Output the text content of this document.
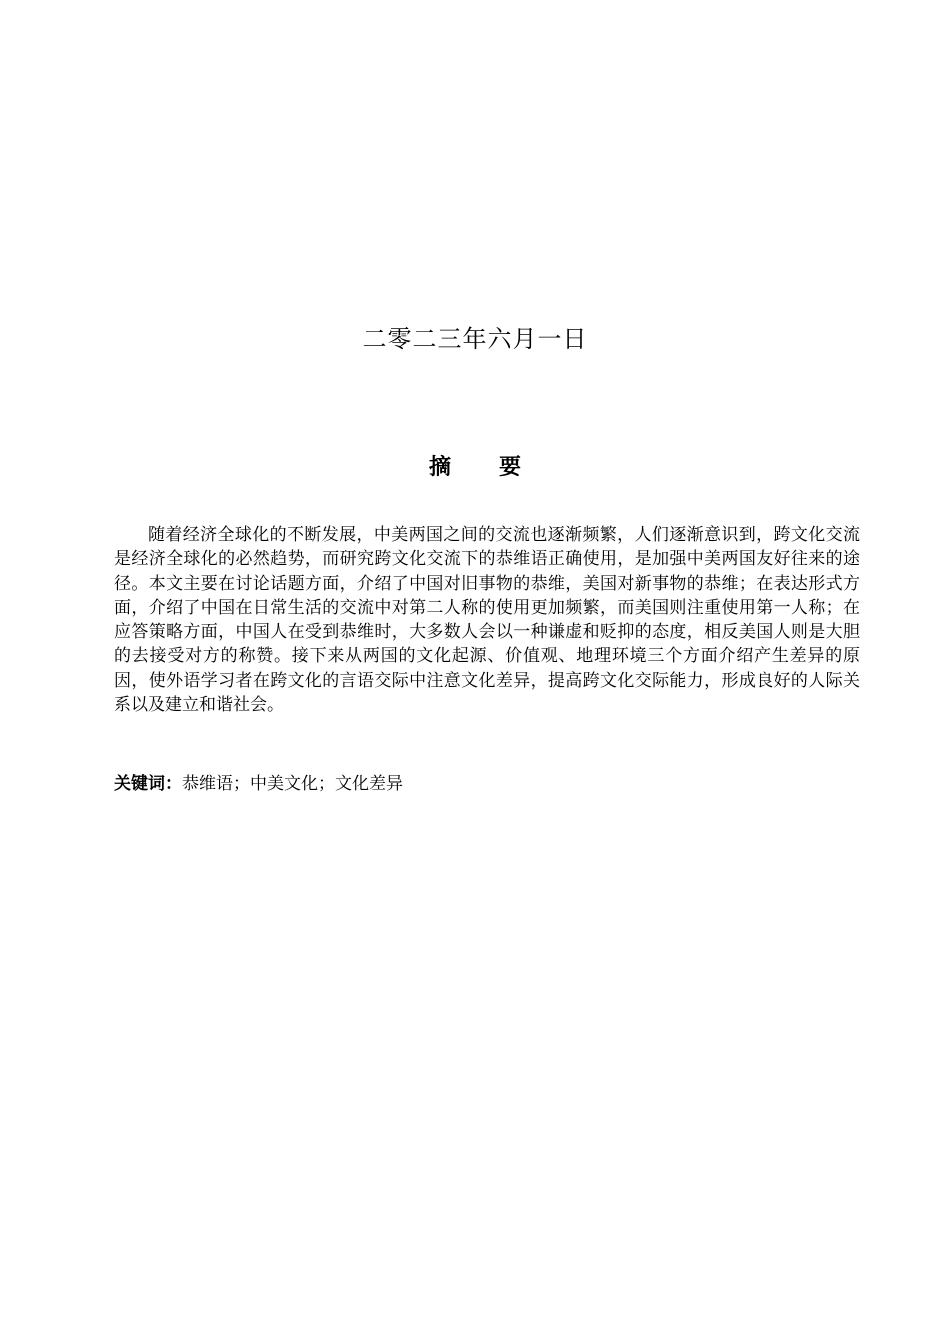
二零二三年六月一日
摘 要

随着经济全球化的不断发展，中美两国之间的交流也逐渐频繁，人们逐渐意识到，跨文化交流是经济全球化的必然趋势，而研究跨文化交流下的恭维语正确使用，是加强中美两国友好往来的途径。本文主要在讨论话题方面，介绍了中国对旧事物的恭维，美国对新事物的恭维；在表达形式方面，介绍了中国在日常生活的交流中对第二人称的使用更加频繁，而美国则注重使用第一人称；在应答策略方面，中国人在受到恭维时，大多数人会以一种谦虚和贬抑的态度，相反美国人则是大胆的去接受对方的称赞。接下来从两国的文化起源、价值观、地理环境三个方面介绍产生差异的原因，使外语学习者在跨文化的言语交际中注意文化差异，提高跨文化交际能力，形成良好的人际关系以及建立和谐社会。

关键词：恭维语；中美文化；文化差异
